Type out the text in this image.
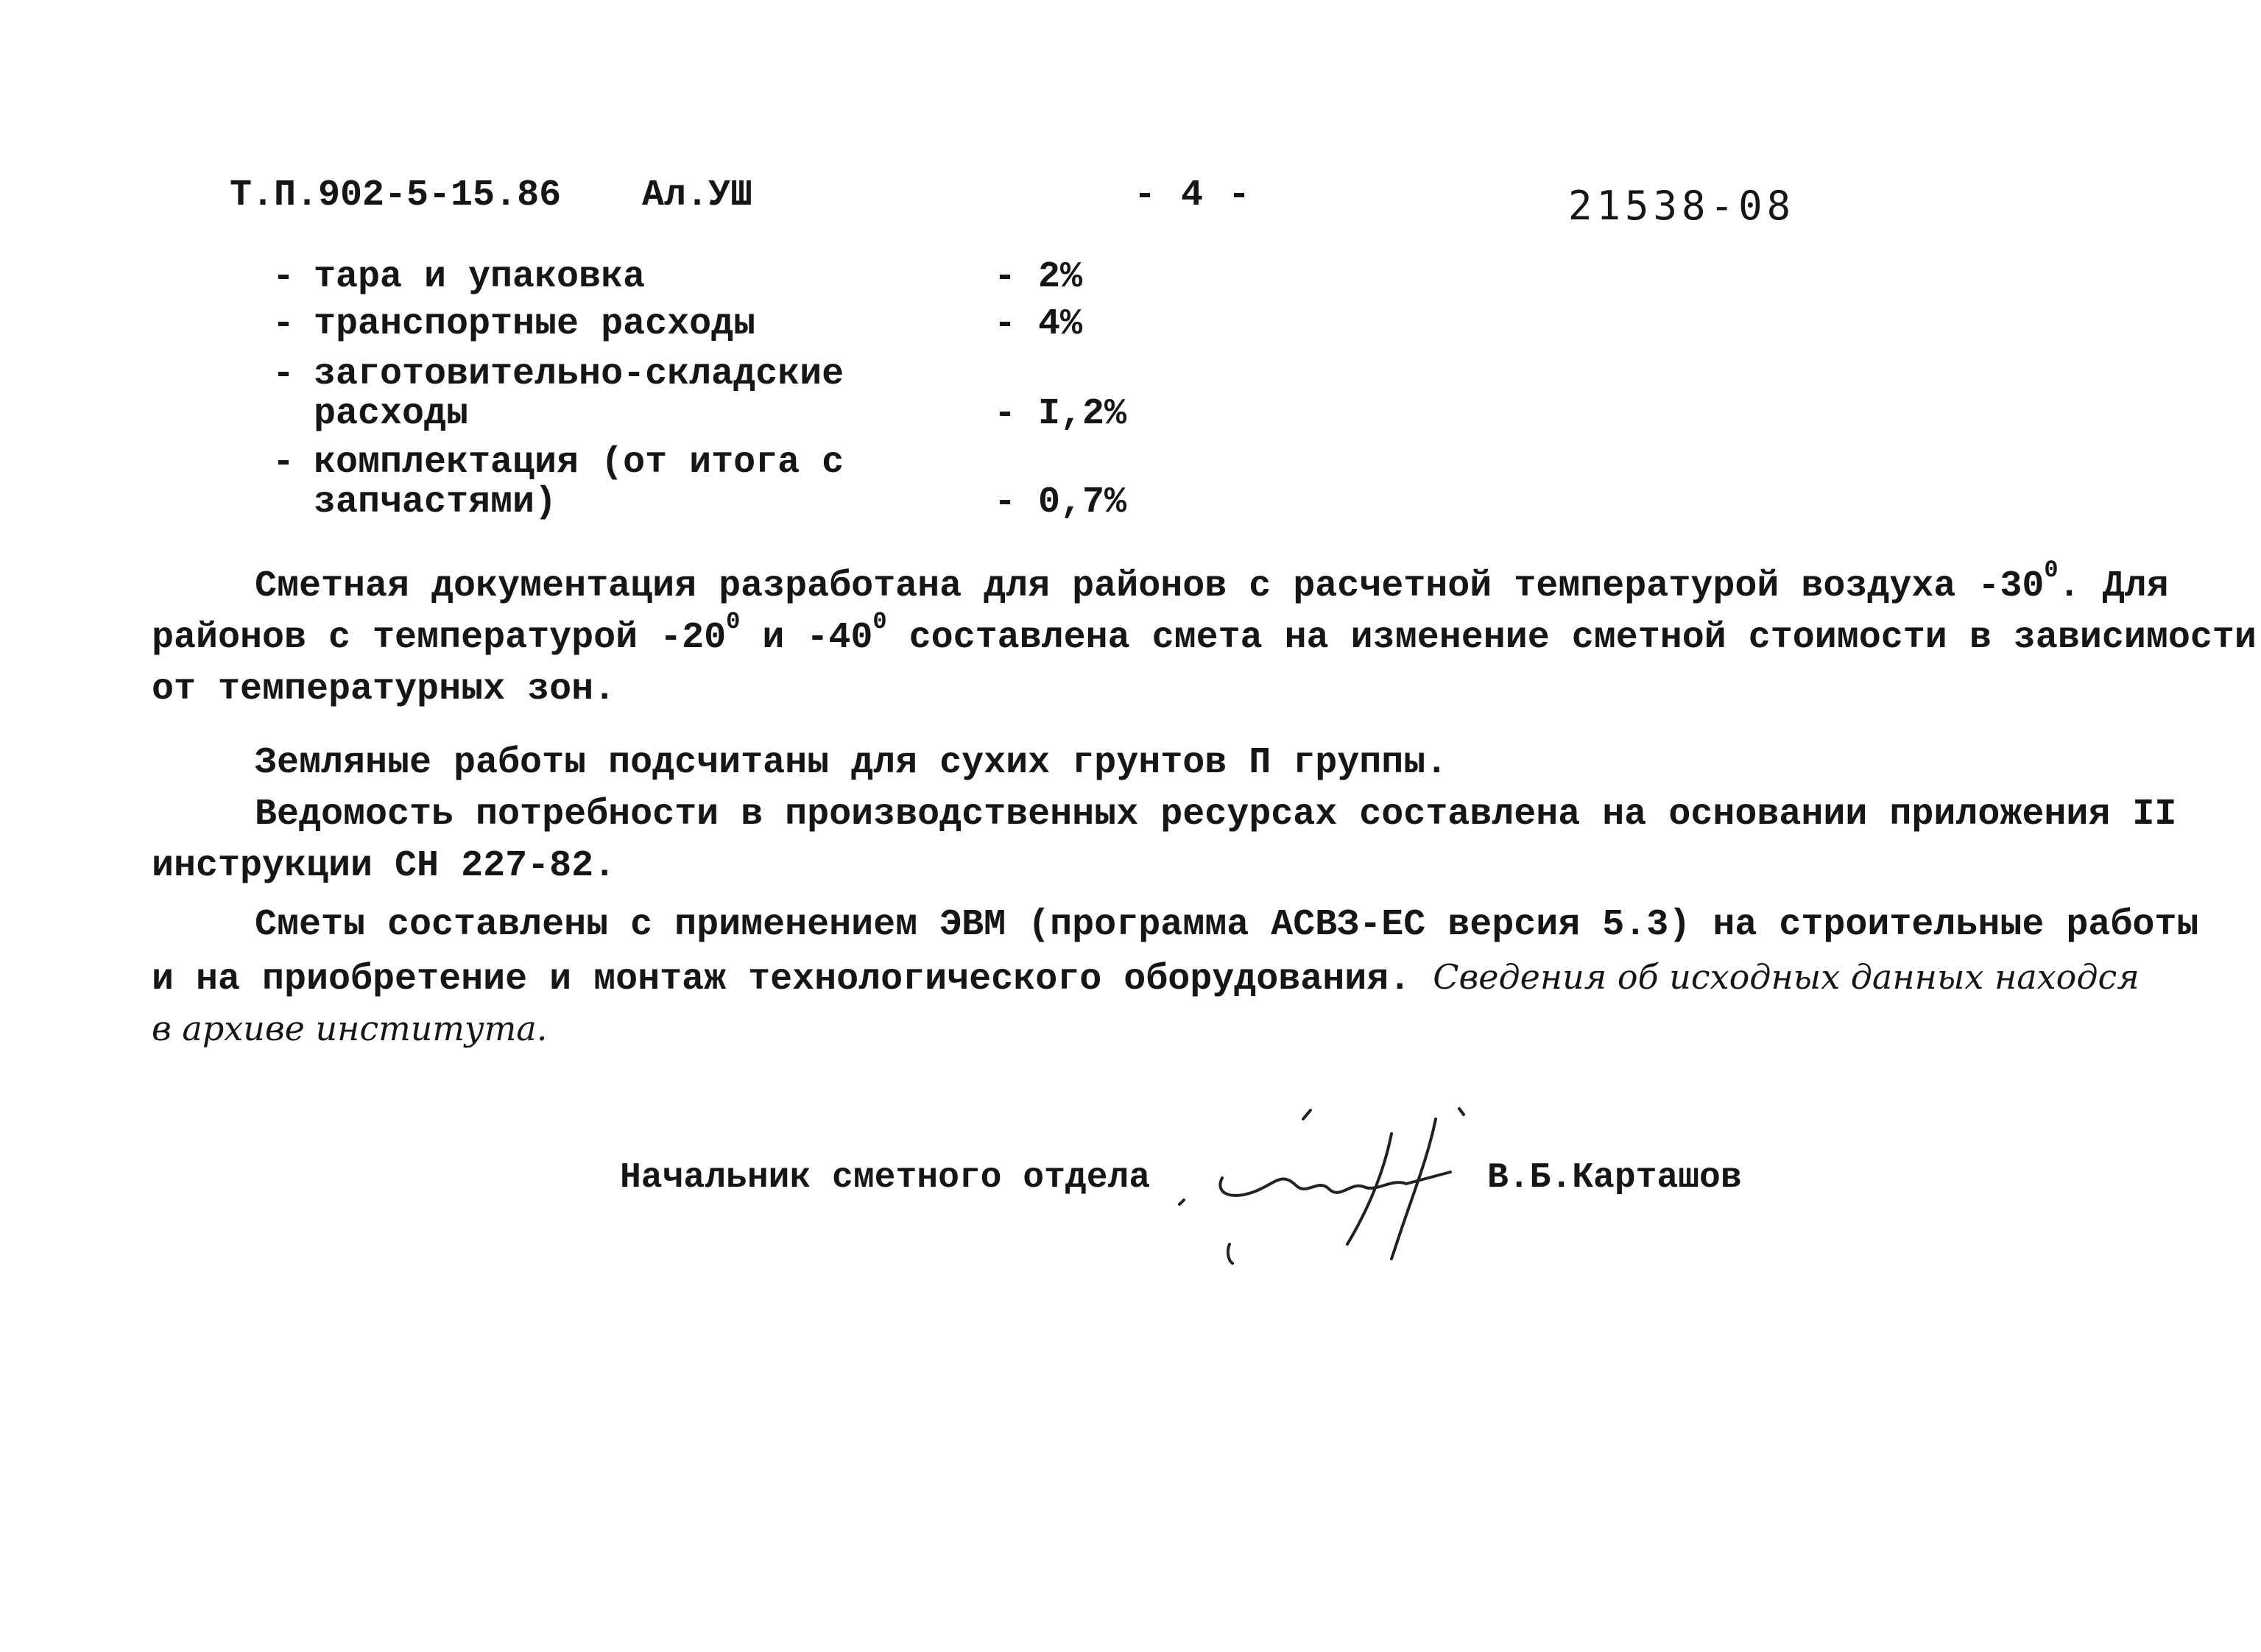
Т.П.902-5-15.86 Ал.УШ	- 4 -	21538-08
- тара и упаковка	- 2%
- транспортные расходы	- 4%
- заготовительно-складские
расходы	- I,2%
- комплектация (от итога с
запчастями)	- 0,7%
Сметная документация разработана для районов с расчетной температурой воздуха $-30^0$. Для
районов с температурой $-20^0$ и $-40^0$ составлена смета на изменение сметной стоимости в зависимости
от температурных зон.
Земляные работы подсчитаны для сухих грунтов П группы.
Ведомость потребности в производственных ресурсах составлена на основании приложения II
инструкции СН 227-82.
Сметы составлены с применением ЭВМ (программа АСВЗ-ЕС версия 5.3) на строительные работы
и на приобретение и монтаж технологического оборудования. Сведения об исходных данных находся
в архиве института.
Начальник сметного отдела	В.Б.Карташов
